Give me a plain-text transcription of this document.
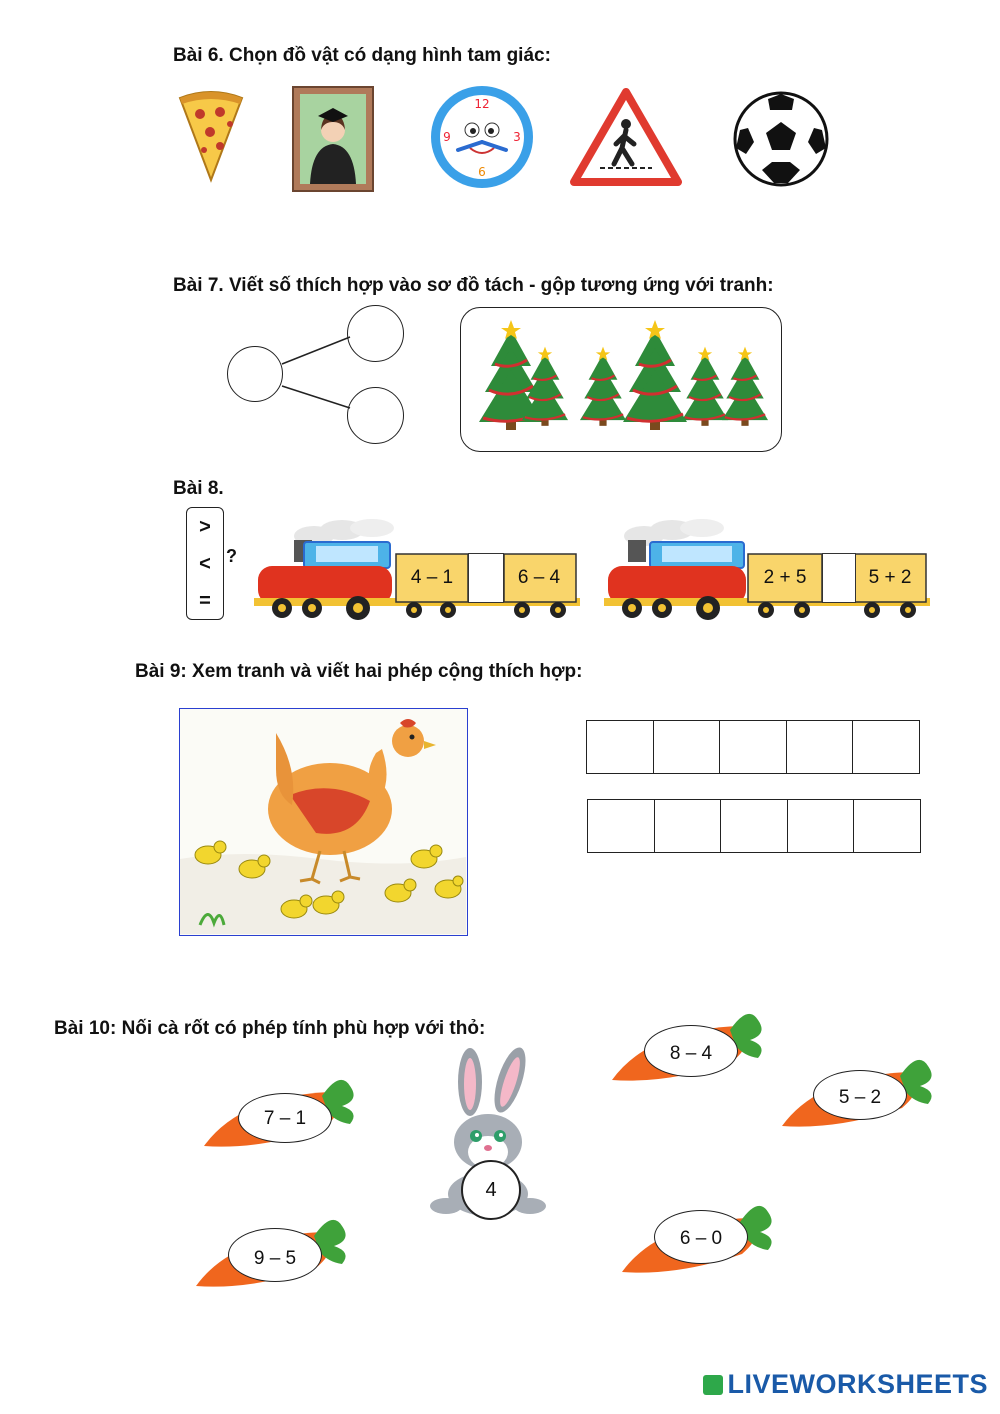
Bài 6. Chọn đồ vật có dạng hình tam giác:
12
6
3
9
Bài 7. Viết số thích hợp vào sơ đồ tách - gộp tương ứng với tranh:
Bài 8.
>
<
=
?
4 – 1	6 – 4	2 + 5	5 + 2
Bài 9: Xem tranh và viết hai phép cộng thích hợp:
Bài 10: Nối cà rốt có phép tính phù hợp với thỏ:
4
7 – 1
9 – 5
8 – 4
5 – 2
6 – 0
LIVEWORKSHEETS
